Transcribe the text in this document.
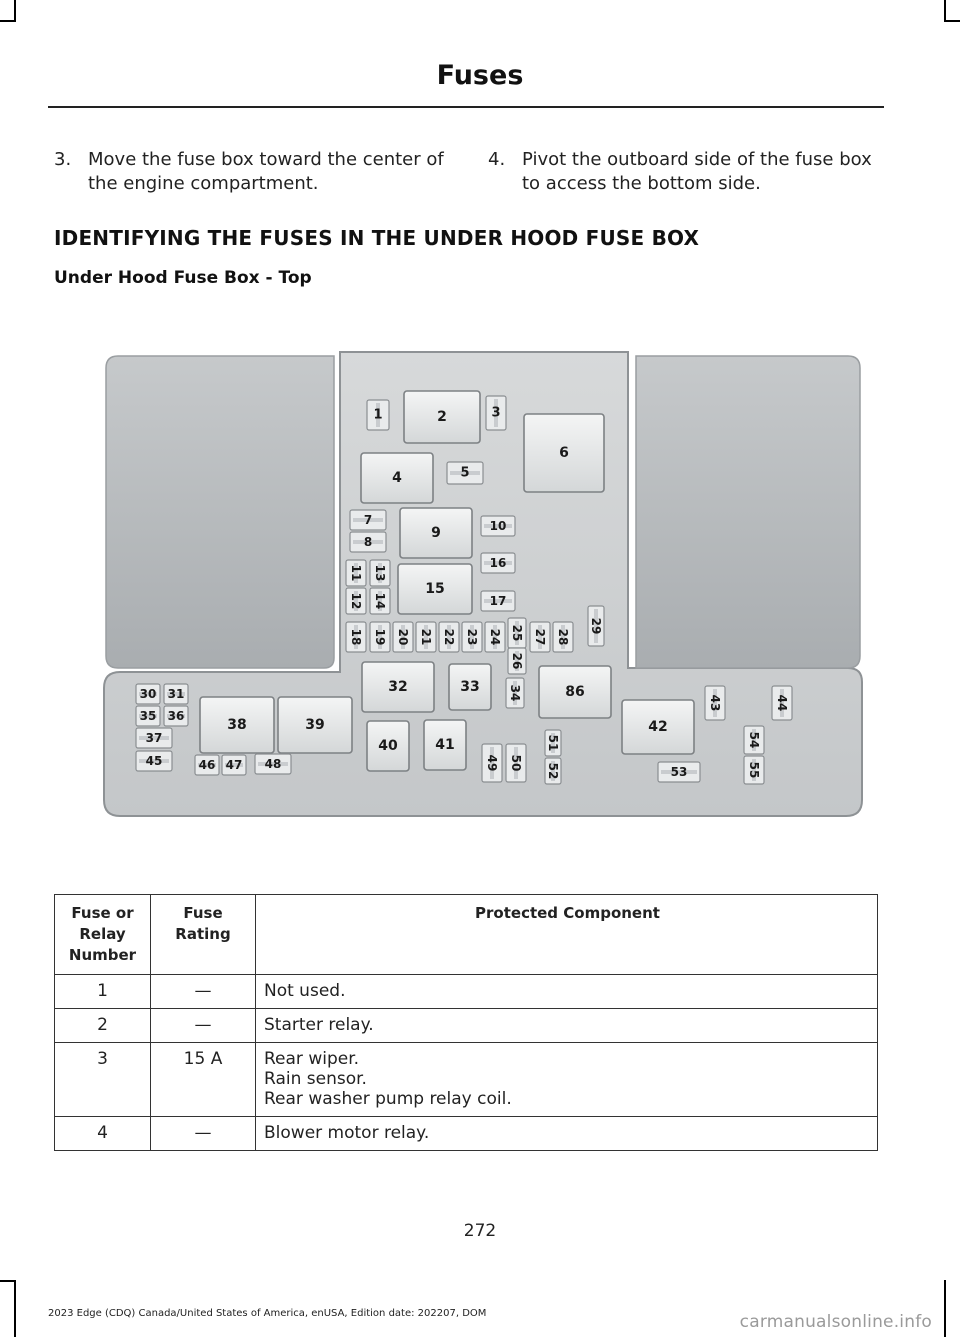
Fuses
3. Move the fuse box toward the center of the engine compartment.
4. Pivot the outboard side of the fuse box to access the bottom side.
IDENTIFYING THE FUSES IN THE UNDER HOOD FUSE BOX
Under Hood Fuse Box - Top
1	2	3
6
4	5
7
8
9	10
16
17
11
12
13
14
15
18 19 20 21 22 23 24 25
26
27 28
29
32	33 34	86
30 31
35 36
37
45
38	39
46 47 48
40	41
49 50
51
52
42
43	44
53
54
55
Fuse or Relay Number	Fuse Rating	Protected Component
1	—	Not used.
2	—	Starter relay.
3	15 A	Rear wiper.
Rain sensor.
Rear washer pump relay coil.
4	—	Blower motor relay.
272
2023 Edge (CDQ) Canada/United States of America, enUSA, Edition date: 202207, DOM	carmanualsonline.info
